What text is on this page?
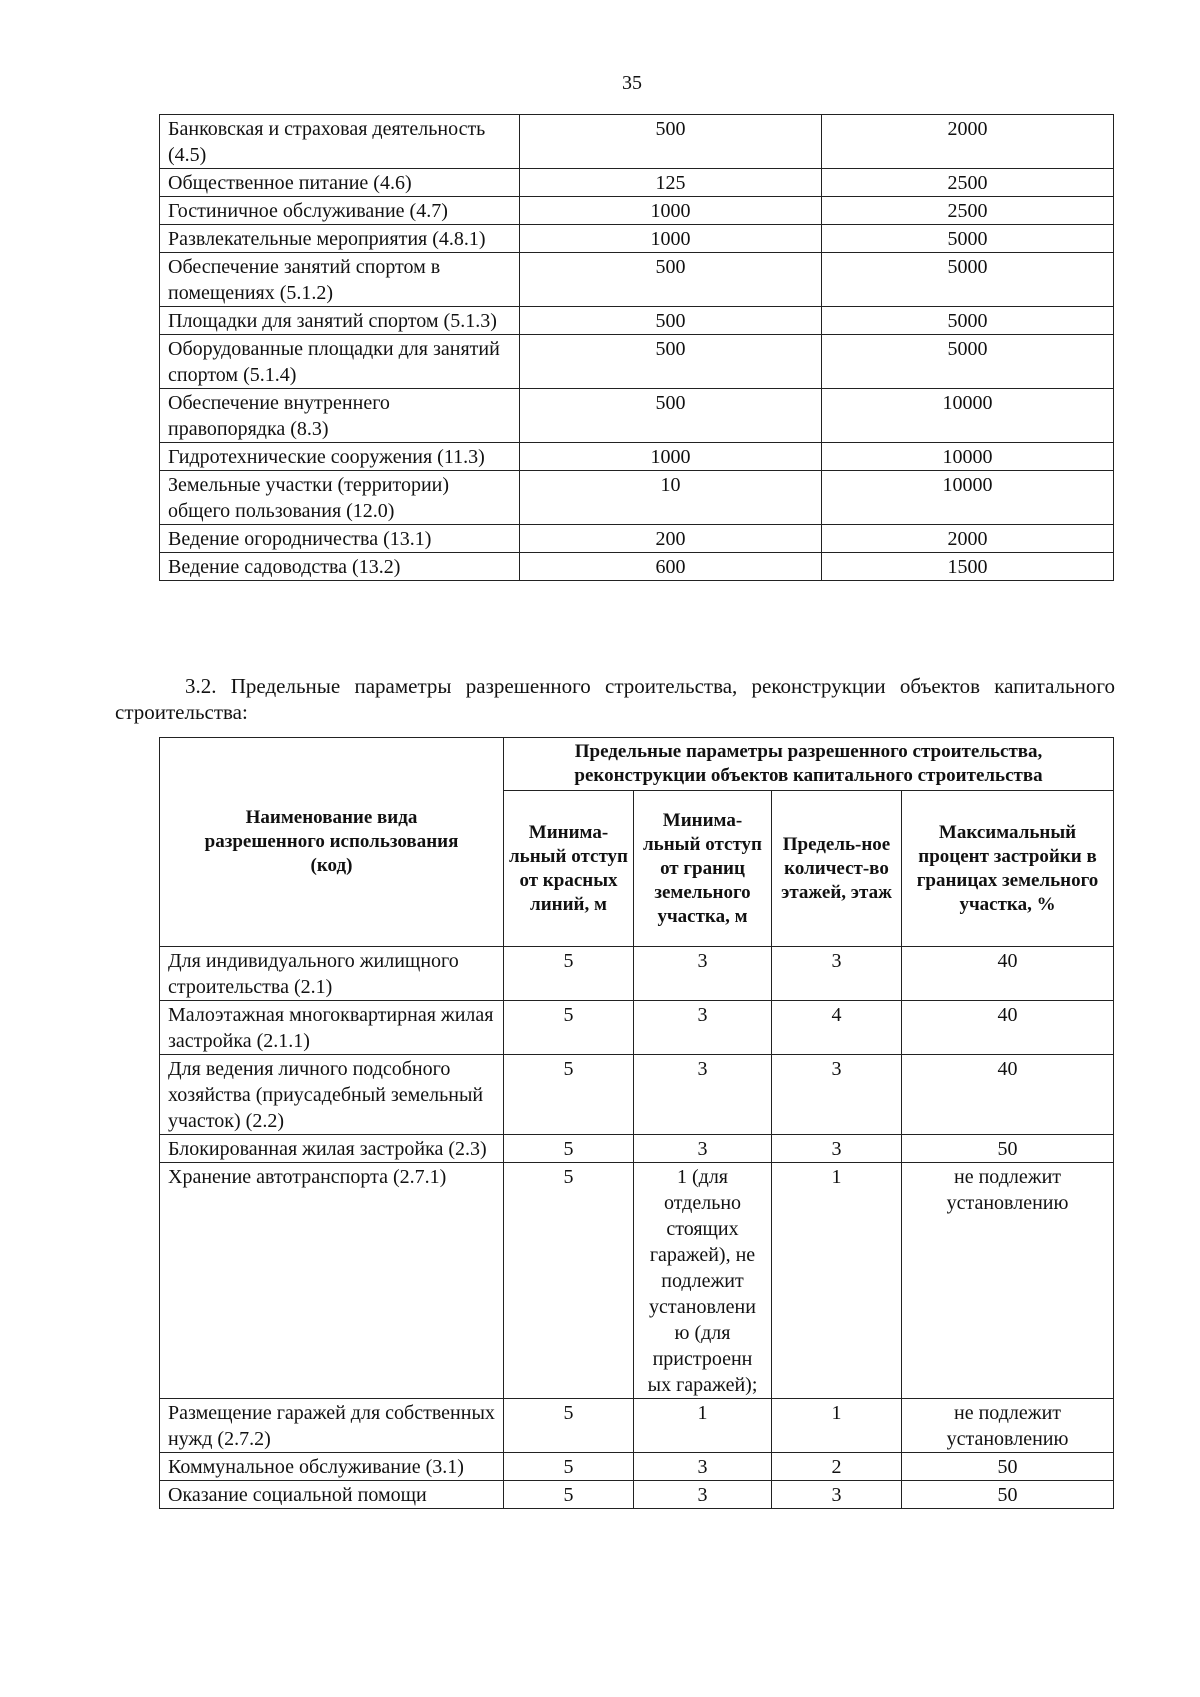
35
Банковская и страховая деятельность (4.5)	500	2000
Общественное питание (4.6)	125	2500
Гостиничное обслуживание (4.7)	1000	2500
Развлекательные мероприятия (4.8.1)	1000	5000
Обеспечение занятий спортом в помещениях (5.1.2)	500	5000
Площадки для занятий спортом (5.1.3)	500	5000
Оборудованные площадки для занятий спортом (5.1.4)	500	5000
Обеспечение внутреннего правопорядка (8.3)	500	10000
Гидротехнические сооружения (11.3)	1000	10000
Земельные участки (территории) общего пользования (12.0)	10	10000
Ведение огородничества (13.1)	200	2000
Ведение садоводства (13.2)	600	1500
3.2. Предельные параметры разрешенного строительства, реконструкции объектов капитального строительства:
Наименование вида разрешенного использования (код)	Предельные параметры разрешенного строительства, реконструкции объектов капитального строительства			
	Минима-льный отступ от красных линий, м	Минима-льный отступ от границ земельного участка, м	Предель-ное количест-во этажей, этаж	Максимальный процент застройки в границах земельного участка, %
Для индивидуального жилищного строительства (2.1)	5	3	3	40
Малоэтажная многоквартирная жилая застройка (2.1.1)	5	3	4	40
Для ведения личного подсобного хозяйства (приусадебный земельный участок) (2.2)	5	3	3	40
Блокированная жилая застройка (2.3)	5	3	3	50
Хранение автотранспорта (2.7.1)	5	1 (для отдельно стоящих гаражей), не подлежит установлени ю (для пристроенн ых гаражей);	1	не подлежит установлению
Размещение гаражей для собственных нужд (2.7.2)	5	1	1	не подлежит установлению
Коммунальное обслуживание (3.1)	5	3	2	50
Оказание социальной помощи	5	3	3	50
